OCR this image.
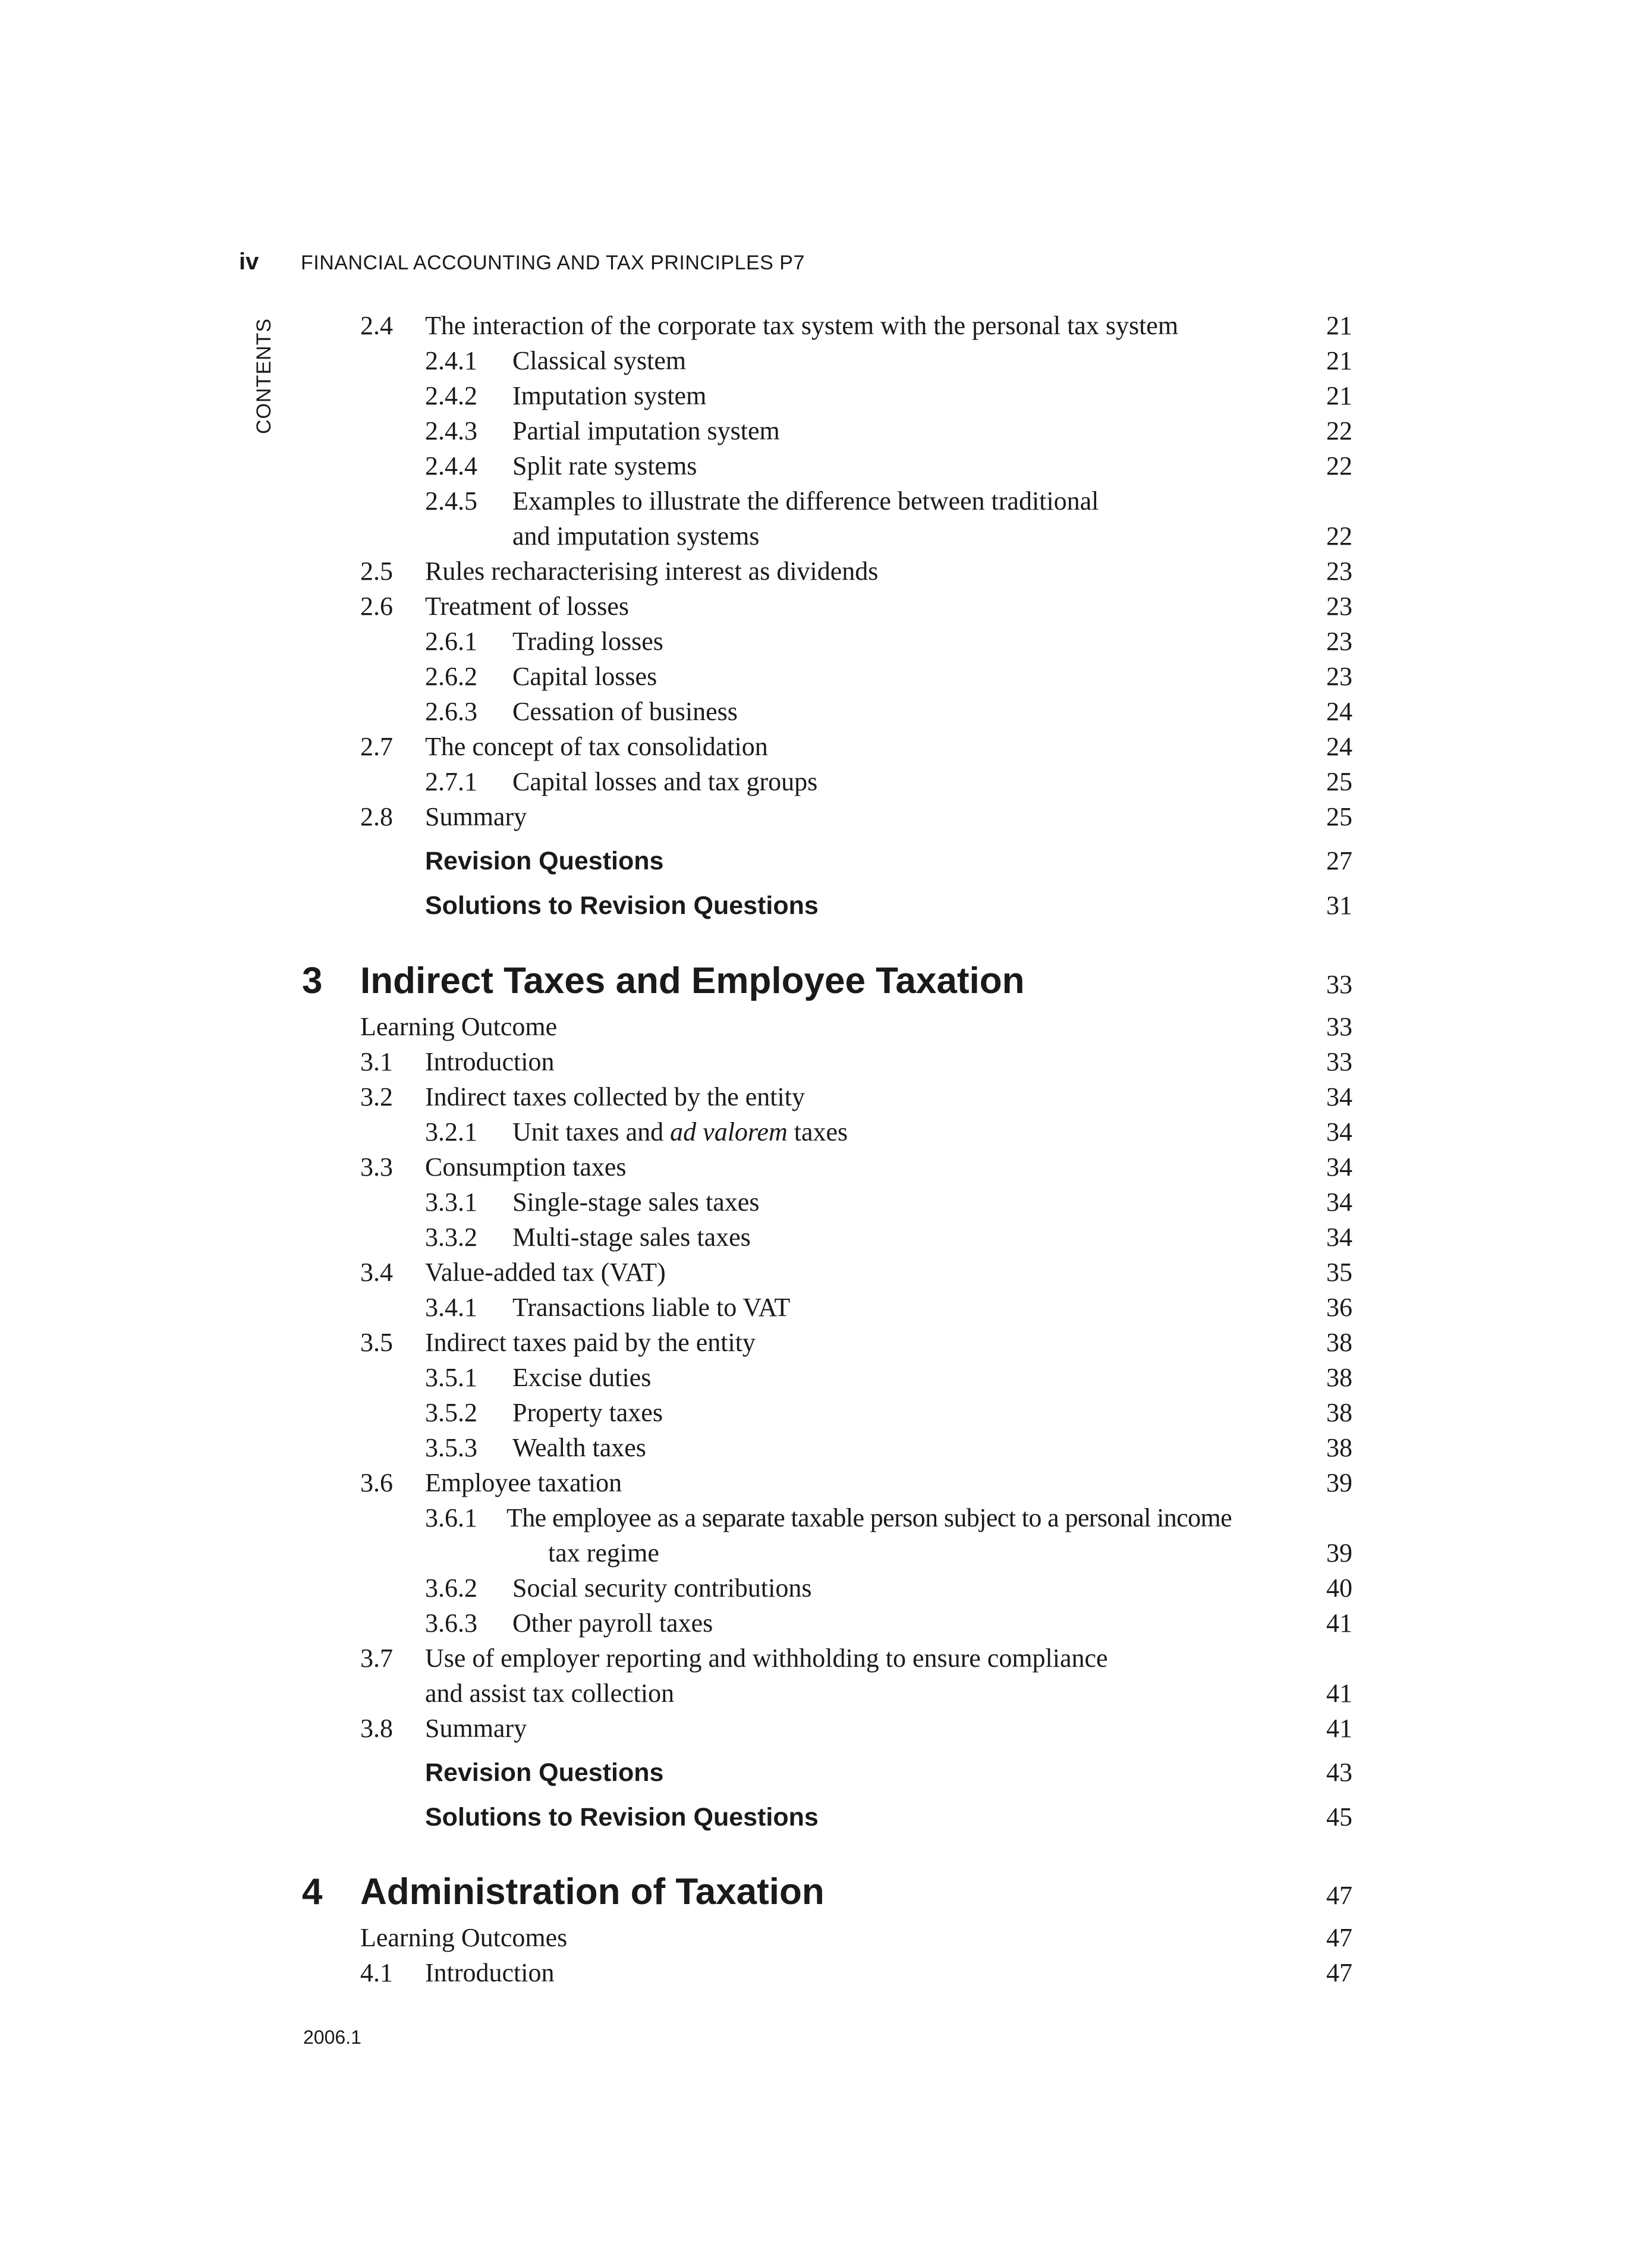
iv	FINANCIAL ACCOUNTING AND TAX PRINCIPLES P7
CONTENTS	2.4 The interaction of the corporate tax system with the personal tax system	21
2.4.1 Classical system	21
2.4.2 Imputation system	21
2.4.3 Partial imputation system	22
2.4.4 Split rate systems	22
2.4.5 Examples to illustrate the difference between traditional
and imputation systems	22
2.5 Rules recharacterising interest as dividends	23
2.6 Treatment of losses	23
2.6.1 Trading losses	23
2.6.2 Capital losses	23
2.6.3 Cessation of business	24
2.7 The concept of tax consolidation	24
2.7.1 Capital losses and tax groups	25
2.8 Summary	25
Revision Questions	27
Solutions to Revision Questions	31
3 Indirect Taxes and Employee Taxation	33
Learning Outcome	33
3.1 Introduction	33
3.2 Indirect taxes collected by the entity	34
3.2.1 Unit taxes and ad valorem taxes	34
3.3 Consumption taxes	34
3.3.1 Single-stage sales taxes	34
3.3.2 Multi-stage sales taxes	34
3.4 Value-added tax (VAT)	35
3.4.1 Transactions liable to VAT	36
3.5 Indirect taxes paid by the entity	38
3.5.1 Excise duties	38
3.5.2 Property taxes	38
3.5.3 Wealth taxes	38
3.6 Employee taxation	39
3.6.1 The employee as a separate taxable person subject to a personal income
tax regime	39
3.6.2 Social security contributions	40
3.6.3 Other payroll taxes	41
3.7 Use of employer reporting and withholding to ensure compliance
and assist tax collection	41
3.8 Summary	41
Revision Questions	43
Solutions to Revision Questions	45
4 Administration of Taxation	47
Learning Outcomes	47
4.1 Introduction	47
2006.1
